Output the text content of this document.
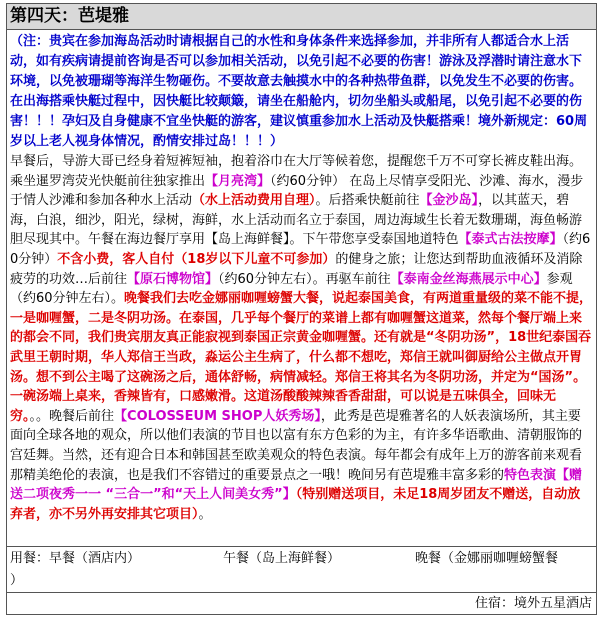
第四天：芭堤雅
（注：贵宾在参加海岛活动时请根据自己的水性和身体条件来选择参加，并非所有人都适合水上活动，如有疾病请提前咨询是否可以参加相关活动，以免引起不必要的伤害！游泳及浮潜时请注意水下环境，以免被珊瑚等海洋生物砸伤。不要故意去触摸水中的各种热带鱼群，以免发生不必要的伤害。在出海搭乘快艇过程中，因快艇比较颠簸，请坐在船舱内，切勿坐船头或船尾，以免引起不必要的伤害！！！孕妇及自身健康不宜坐快艇的游客，建议慎重参加水上活动及快艇搭乘！境外新规定：60周岁以上老人视身体情况，酌情安排过岛！！！）
早餐后，导游大哥已经身着短裤短袖，抱着浴巾在大厅等候着您，提醒您千万不可穿长裤皮鞋出海。乘坐暹罗湾荧光快艇前往独家推出【月亮湾】（约60分钟） 在岛上尽情享受阳光、沙滩、海水，漫步于情人沙滩和参加各种水上活动（水上活动费用自理）。后搭乘快艇前往【金沙岛】，以其蓝天，碧海，白浪，细沙，阳光，绿树，海鲜，水上活动而名立于泰国，周边海域生长着无数珊瑚，海鱼畅游胆尽现其中。午餐在海边餐厅享用【岛上海鲜餐】。下午带您享受泰国地道特色【泰式古法按摩】（约60分钟）不含小费，客人自付（18岁以下儿童不可参加）的健身之旅；让您达到帮助血液循环及消除疲劳的功效…后前往【原石博物馆】（约60分钟左右）。再驱车前往【泰南金丝海燕展示中心】参观（约60分钟左右）。晚餐我们去吃金娜丽咖喱螃蟹大餐，说起泰国美食，有两道重量级的菜不能不提，一是咖喱蟹，二是冬阴功汤。在泰国，几乎每个餐厅的菜谱上都有咖喱蟹这道菜，然每个餐厅端上来的都会不同，我们贵宾朋友真正能寂视到泰国正宗黄金咖喱蟹。还有就是“冬阴功汤”，18世纪泰国吞武里王朝时期，华人郑信王当政，淼运公主生病了，什么都不想吃，郑信王就叫御厨给公主做点开胃汤。想不到公主喝了这碗汤之后，通体舒畅，病情减轻。郑信王将其名为冬阴功汤，并定为“国汤”。一碗汤端上桌来，香辣皆有，口感嫩滑。这道汤酸酸辣辣香香甜甜，可以说是五味俱全，回味无穷。。。晚餐后前往【COLOSSEUM SHOP人妖秀场】，此秀是芭堤雅著名的人妖表演场所，其主要面向全球各地的观众，所以他们表演的节目也以富有东方色彩的为主，有许多华语歌曲、清朝服饰的宫廷舞。当然，还有迎合日本和韩国甚至欧美观众的特色表演。每年都会有成年上万的游客前来观看那精美绝伦的表演，也是我们不容错过的重要景点之一哦！晚间另有芭堤雅丰富多彩的特色表演【赠送二项夜秀一一 “三合一”和“天上人间美女秀”】（特别赠送项目，未足18周岁团友不赠送，自动放弃者，亦不另外再安排其它项目）。
用餐：早餐（酒店内）	午餐（岛上海鲜餐）	晚餐（金娜丽咖喱螃蟹餐
）
住宿：境外五星酒店
